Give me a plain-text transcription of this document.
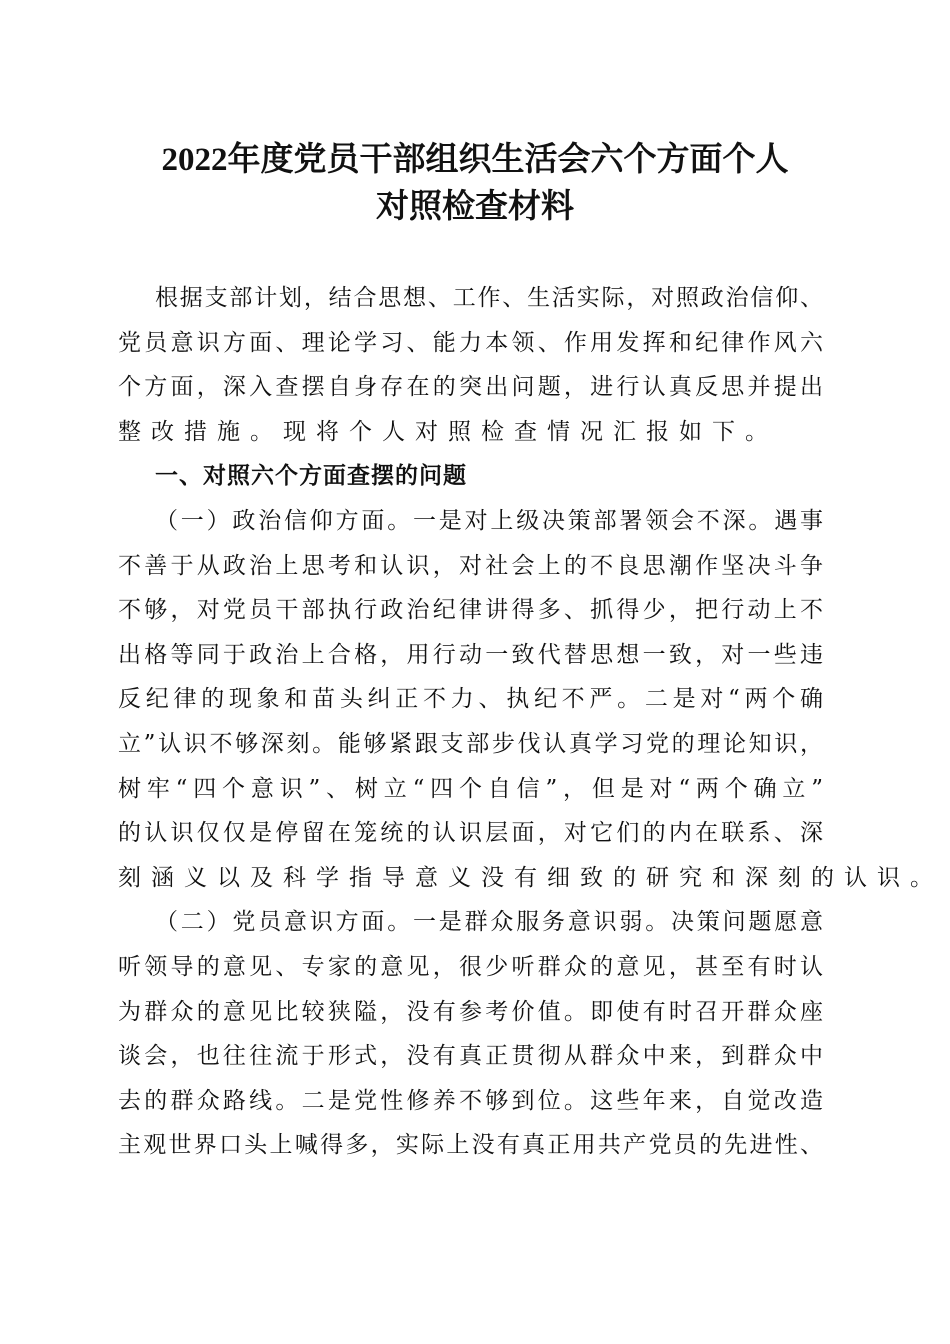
2022年度党员干部组织生活会六个方面个人
对照检查材料
根据支部计划，结合思想、工作、生活实际，对照政治信仰、
党员意识方面、理论学习、能力本领、作用发挥和纪律作风六
个方面，深入查摆自身存在的突出问题，进行认真反思并提出
整改措施。现将个人对照检查情况汇报如下。
一、对照六个方面查摆的问题
（一）政治信仰方面。一是对上级决策部署领会不深。遇事
不善于从政治上思考和认识，对社会上的不良思潮作坚决斗争
不够，对党员干部执行政治纪律讲得多、抓得少，把行动上不
出格等同于政治上合格，用行动一致代替思想一致，对一些违
反纪律的现象和苗头纠正不力、执纪不严。二是对“两个确
立”认识不够深刻。能够紧跟支部步伐认真学习党的理论知识，
树牢“四个意识”、树立“四个自信”，但是对“两个确立”
的认识仅仅是停留在笼统的认识层面，对它们的内在联系、深
刻涵义以及科学指导意义没有细致的研究和深刻的认识。
（二）党员意识方面。一是群众服务意识弱。决策问题愿意
听领导的意见、专家的意见，很少听群众的意见，甚至有时认
为群众的意见比较狭隘，没有参考价值。即使有时召开群众座
谈会，也往往流于形式，没有真正贯彻从群众中来，到群众中
去的群众路线。二是党性修养不够到位。这些年来，自觉改造
主观世界口头上喊得多，实际上没有真正用共产党员的先进性、
